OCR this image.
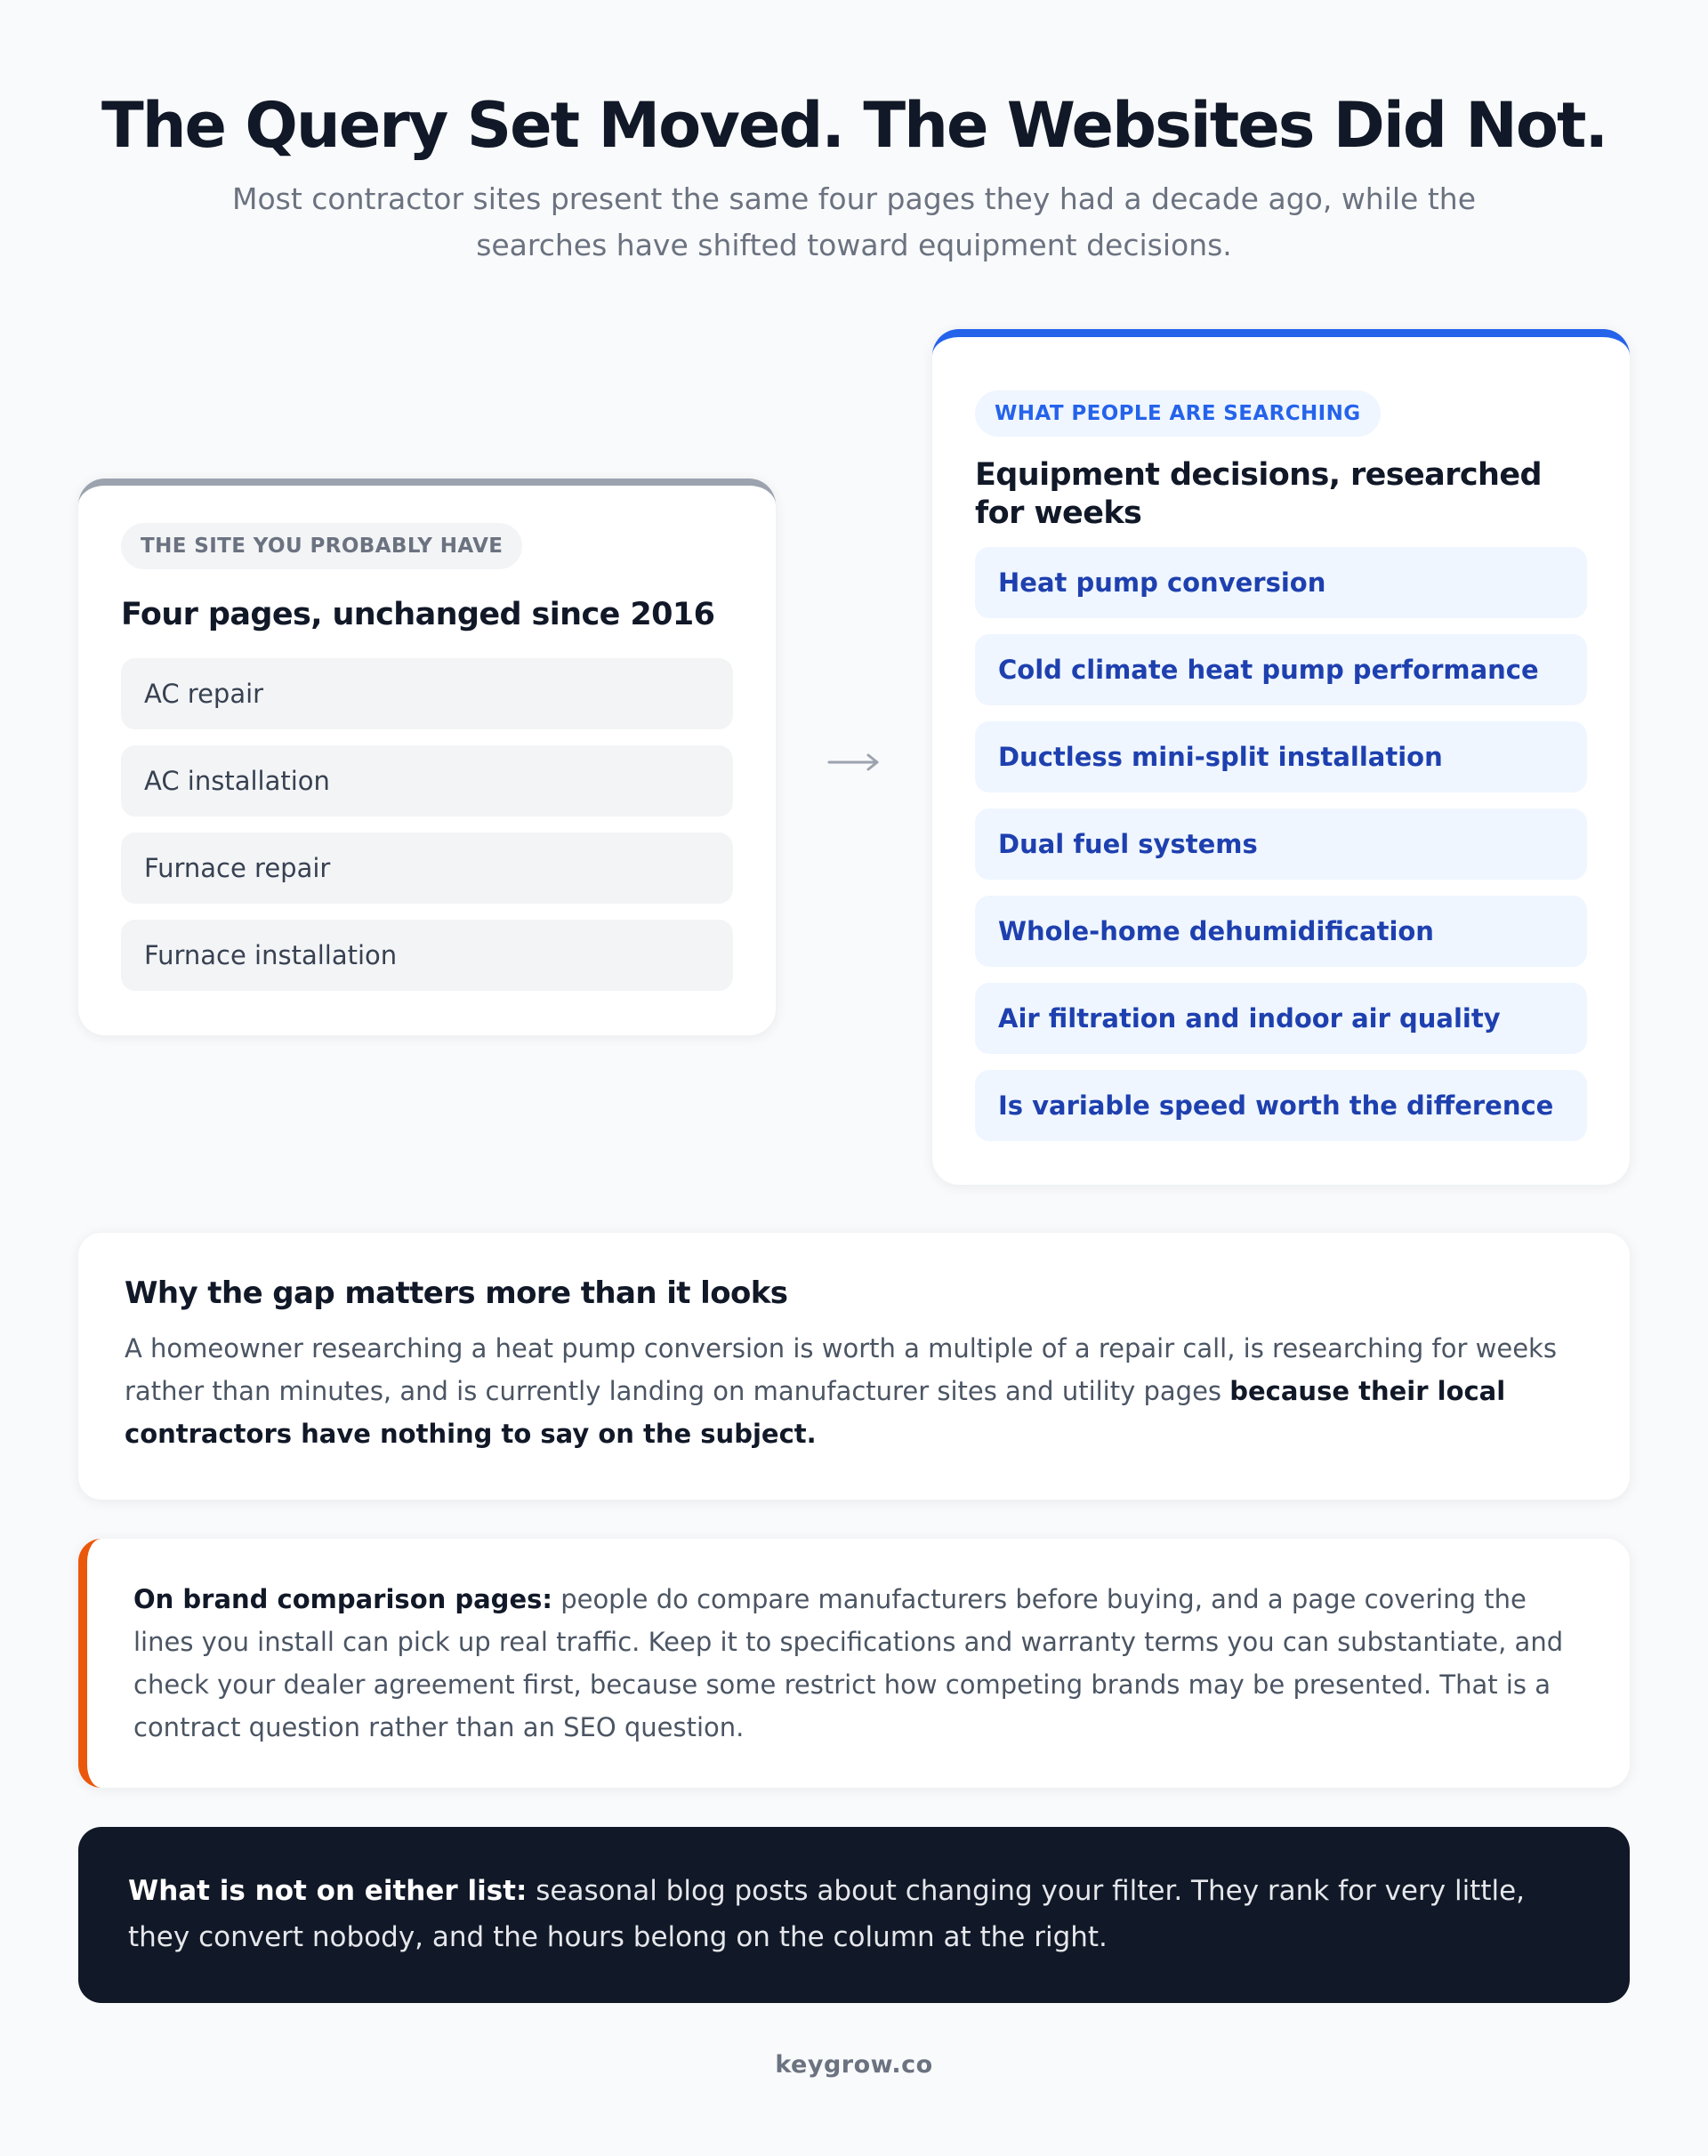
The Query Set Moved. The Websites Did Not.

Most contractor sites present the same four pages they had a decade ago, while the searches have shifted toward equipment decisions.

THE SITE YOU PROBABLY HAVE
Four pages, unchanged since 2016
AC repair
AC installation
Furnace repair
Furnace installation
WHAT PEOPLE ARE SEARCHING
Equipment decisions, researched for weeks
Heat pump conversion
Cold climate heat pump performance
Ductless mini-split installation
Dual fuel systems
Whole-home dehumidification
Air filtration and indoor air quality
Is variable speed worth the difference
Why the gap matters more than it looks

A homeowner researching a heat pump conversion is worth a multiple of a repair call, is researching for weeks rather than minutes, and is currently landing on manufacturer sites and utility pages because their local contractors have nothing to say on the subject.

On brand comparison pages: people do compare manufacturers before buying, and a page covering the lines you install can pick up real traffic. Keep it to specifications and warranty terms you can substantiate, and check your dealer agreement first, because some restrict how competing brands may be presented. That is a contract question rather than an SEO question.

What is not on either list: seasonal blog posts about changing your filter. They rank for very little, they convert nobody, and the hours belong on the column at the right.

keygrow.co
